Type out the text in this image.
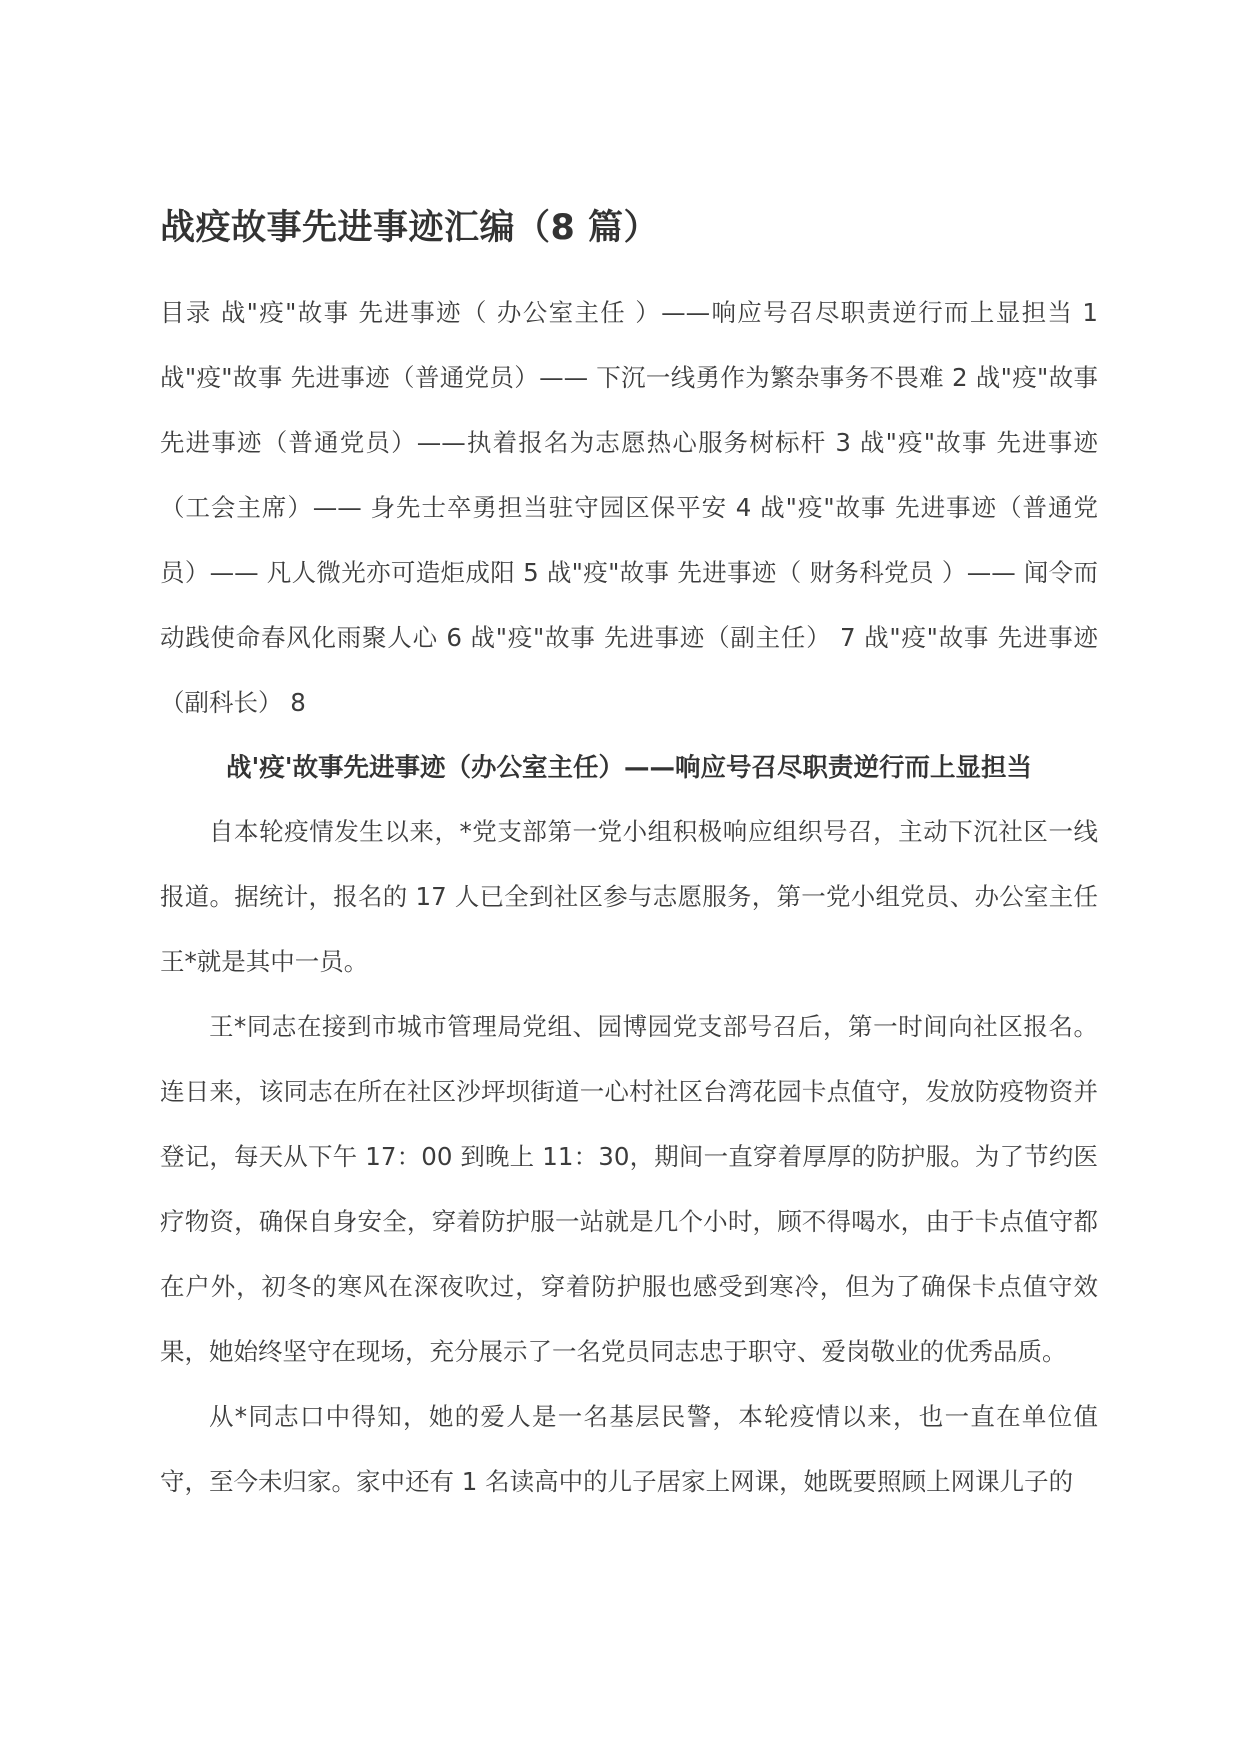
战疫故事先进事迹汇编（8 篇）

目录 战"疫"故事 先进事迹（ 办公室主任 ）——响应号召尽职责逆行而上显担当 1 战"疫"故事 先进事迹（普通党员）—— 下沉一线勇作为繁杂事务不畏难 2 战"疫"故事 先进事迹（普通党员）——执着报名为志愿热心服务树标杆 3 战"疫"故事 先进事迹（工会主席）—— 身先士卒勇担当驻守园区保平安 4 战"疫"故事 先进事迹（普通党员）—— 凡人微光亦可造炬成阳 5 战"疫"故事 先进事迹（ 财务科党员 ）—— 闻令而动践使命春风化雨聚人心 6 战"疫"故事 先进事迹（副主任） 7 战"疫"故事 先进事迹（副科长） 8

战'疫'故事先进事迹（办公室主任）——响应号召尽职责逆行而上显担当

自本轮疫情发生以来，*党支部第一党小组积极响应组织号召，主动下沉社区一线报道。据统计，报名的 17 人已全到社区参与志愿服务，第一党小组党员、办公室主任王*就是其中一员。

王*同志在接到市城市管理局党组、园博园党支部号召后，第一时间向社区报名。连日来，该同志在所在社区沙坪坝街道一心村社区台湾花园卡点值守，发放防疫物资并登记，每天从下午 17：00 到晚上 11：30，期间一直穿着厚厚的防护服。为了节约医疗物资，确保自身安全，穿着防护服一站就是几个小时，顾不得喝水，由于卡点值守都在户外，初冬的寒风在深夜吹过，穿着防护服也感受到寒冷，但为了确保卡点值守效果，她始终坚守在现场，充分展示了一名党员同志忠于职守、爱岗敬业的优秀品质。

从*同志口中得知，她的爱人是一名基层民警，本轮疫情以来，也一直在单位值守，至今未归家。家中还有 1 名读高中的儿子居家上网课，她既要照顾上网课儿子的
